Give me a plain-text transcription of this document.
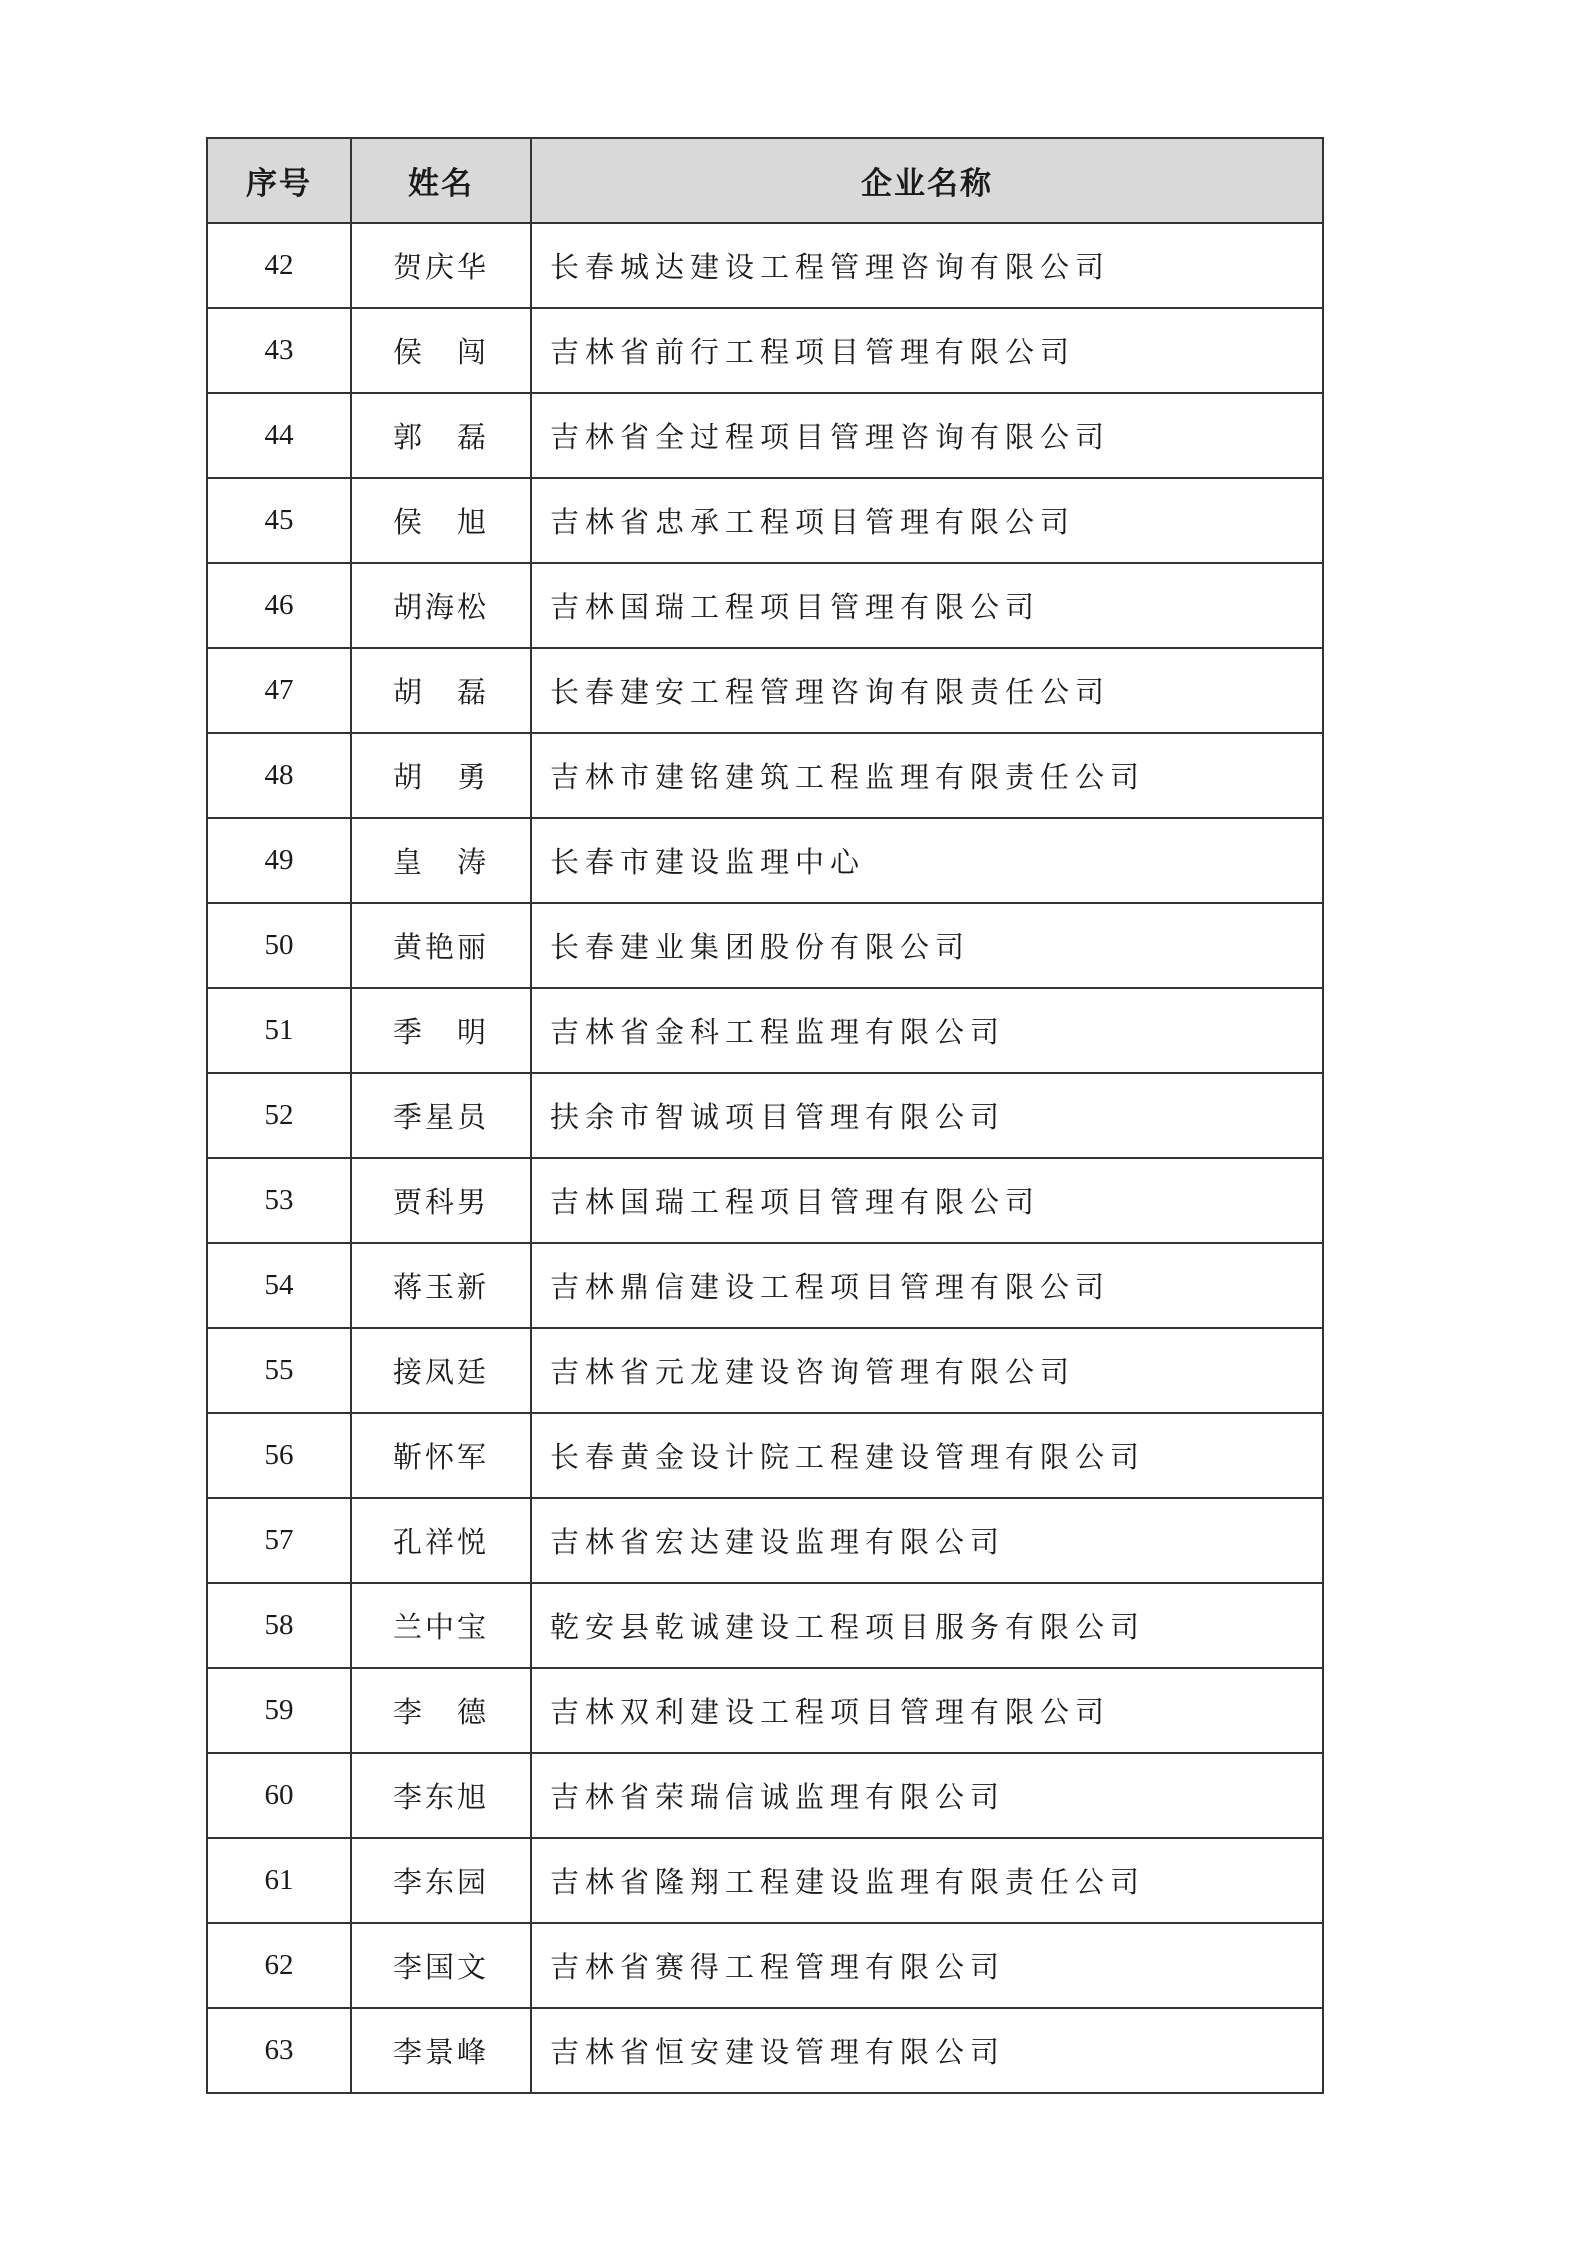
序号	姓名	企业名称
42	贺庆华	长春城达建设工程管理咨询有限公司
43	侯　闯	吉林省前行工程项目管理有限公司
44	郭　磊	吉林省全过程项目管理咨询有限公司
45	侯　旭	吉林省忠承工程项目管理有限公司
46	胡海松	吉林国瑞工程项目管理有限公司
47	胡　磊	长春建安工程管理咨询有限责任公司
48	胡　勇	吉林市建铭建筑工程监理有限责任公司
49	皇　涛	长春市建设监理中心
50	黄艳丽	长春建业集团股份有限公司
51	季　明	吉林省金科工程监理有限公司
52	季星员	扶余市智诚项目管理有限公司
53	贾科男	吉林国瑞工程项目管理有限公司
54	蒋玉新	吉林鼎信建设工程项目管理有限公司
55	接凤廷	吉林省元龙建设咨询管理有限公司
56	靳怀军	长春黄金设计院工程建设管理有限公司
57	孔祥悦	吉林省宏达建设监理有限公司
58	兰中宝	乾安县乾诚建设工程项目服务有限公司
59	李　德	吉林双利建设工程项目管理有限公司
60	李东旭	吉林省荣瑞信诚监理有限公司
61	李东园	吉林省隆翔工程建设监理有限责任公司
62	李国文	吉林省赛得工程管理有限公司
63	李景峰	吉林省恒安建设管理有限公司
